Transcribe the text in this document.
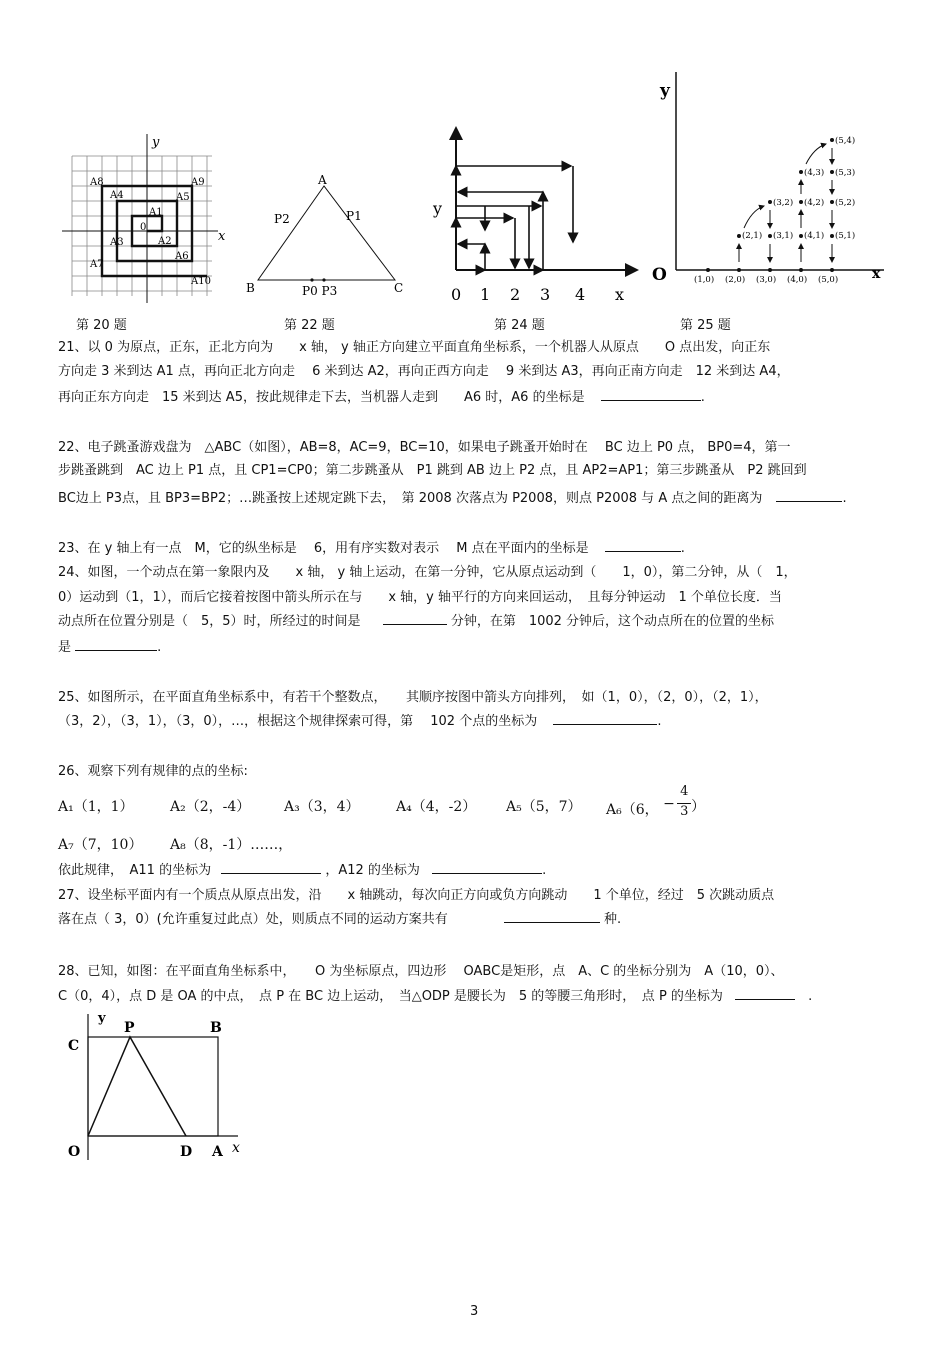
y
x
0
A1
A2
A3
A4	A5
A6
A7
A8	A9
A10
第 20 题
A
B	C
P2	P1
P0 P3
第 22 题
y
0 1 2 3 4 x
第 24 题
y
O	x
(1,0) (2,0) (3,0) (4,0) (5,0)
(2,1) (3,1) (4,1) (5,1)
(3,2) (4,2) (5,2)
(4,3) (5,3)
(5,4)
第 25 题
21、以 0 为原点，正东，正北方向为　　x 轴， y 轴正方向建立平面直角坐标系，一个机器人从原点　　O 点出发，向正东
方向走 3 米到达 A1 点，再向正北方向走　 6 米到达 A2，再向正西方向走　 9 米到达 A3，再向正南方向走　12 米到达 A4，
再向正东方向走　15 米到达 A5，按此规律走下去，当机器人走到　　A6 时，A6 的坐标是	.
22、电子跳蚤游戏盘为　△ABC（如图），AB=8，AC=9，BC=10，如果电子跳蚤开始时在　 BC 边上 P0 点， BP0=4，第一
步跳蚤跳到　AC 边上 P1 点，且 CP1=CP0；第二步跳蚤从　P1 跳到 AB 边上 P2 点，且 AP2=AP1；第三步跳蚤从　P2 跳回到
BC边上 P3点，且 BP3=BP2；…跳蚤按上述规定跳下去，　第 2008 次落点为 P2008，则点 P2008 与 A 点之间的距离为	.
23、在 y 轴上有一点　M，它的纵坐标是　 6，用有序实数对表示　 M 点在平面内的坐标是	.
24、如图，一个动点在第一象限内及　　x 轴， y 轴上运动，在第一分钟，它从原点运动到（　　1，0），第二分钟，从（　1，
0）运动到（1，1），而后它接着按图中箭头所示在与　　x 轴，y 轴平行的方向来回运动，　且每分钟运动　1 个单位长度．当
动点所在位置分别是（　5，5）时，所经过的时间是	分钟，在第　1002 分钟后，这个动点所在的位置的坐标
是	.
25、如图所示，在平面直角坐标系中，有若干个整数点，　　其顺序按图中箭头方向排列，　如（1，0），（2，0），（2，1），
（3，2），（3，1），（3，0），…，根据这个规律探索可得，第　 102 个点的坐标为	.
26、观察下列有规律的点的坐标:
A₁（1，1）	A₂（2，-4） A₃（3，4）	A₄（4，-2） A₅（5，7） A₆（6， −
4
3 ）
A₇（7，10） A₈（8，-1）……，
依此规律，　A11 的坐标为	，A12 的坐标为	.
27、设坐标平面内有一个质点从原点出发，沿　　x 轴跳动，每次向正方向或负方向跳动　　1 个单位，经过　5 次跳动质点
落在点（ 3，0）(允许重复过此点）处，则质点不同的运动方案共有	种.
28、已知，如图：在平面直角坐标系中，　　O 为坐标原点，四边形　 OABC是矩形，点　A、C 的坐标分别为　A（10，0）、
C（0，4），点 D 是 OA 的中点，　点 P 在 BC 边上运动，　当△ODP 是腰长为　5 的等腰三角形时，　点 P 的坐标为	　.
y
C
P	B
O	D A x
3
